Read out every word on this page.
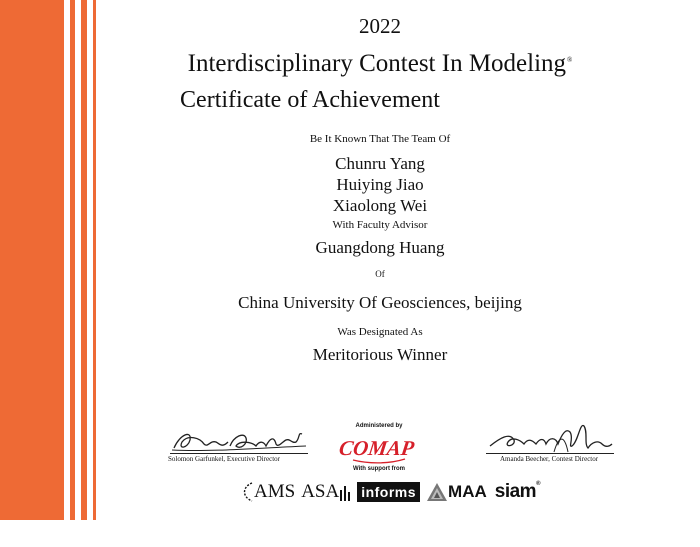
2022
Interdisciplinary Contest In Modeling®
Certificate of Achievement
Be It Known That The Team Of
Chunru Yang
Huiying Jiao
Xiaolong Wei
With Faculty Advisor
Guangdong Huang
Of
China University Of Geosciences, beijing
Was Designated As
Meritorious Winner
Solomon Garfunkel, Executive Director	Amanda Beecher, Contest Director
Administered by
COMAP
With support from
AMS ASA informs MAA siam®
